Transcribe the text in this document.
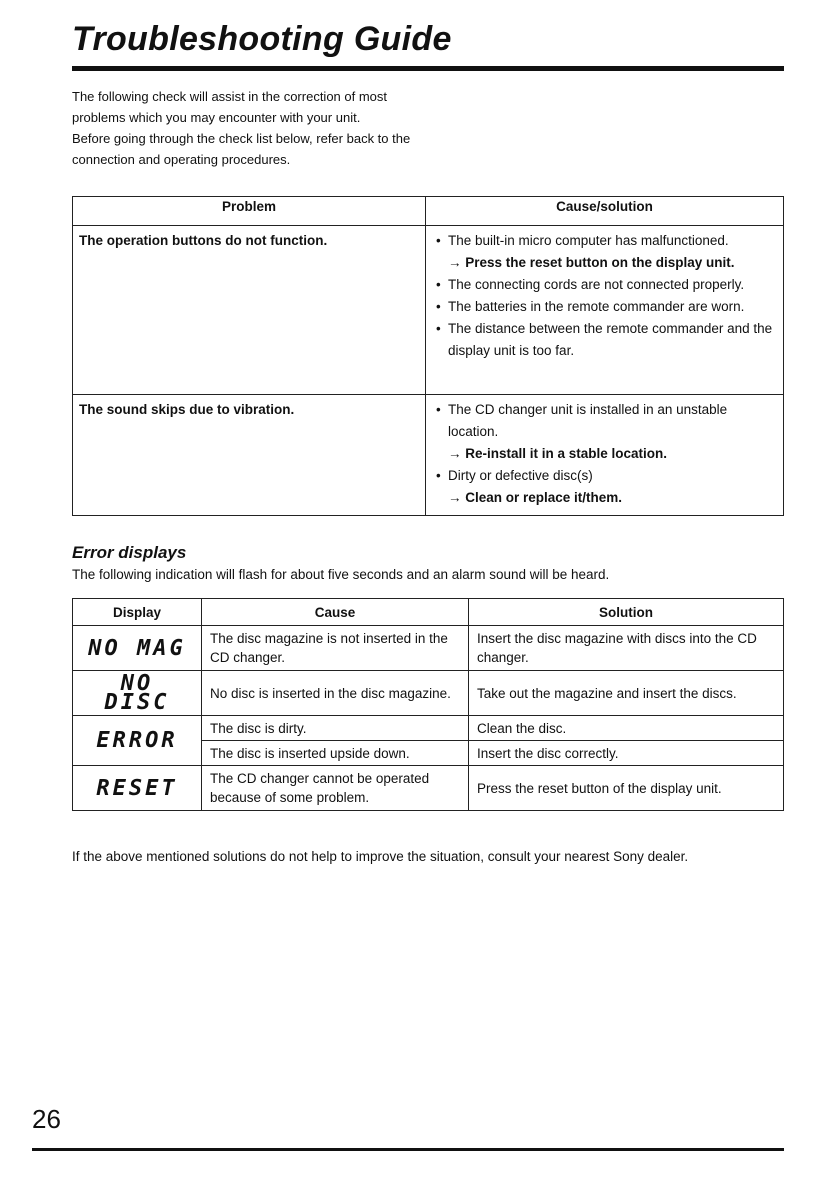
Troubleshooting Guide
The following check will assist in the correction of most
problems which you may encounter with your unit.
Before going through the check list below, refer back to the
connection and operating procedures.
Problem	Cause/solution
The operation buttons do not function.	• The built-in micro computer has malfunctioned.
→ Press the reset button on the display unit.
• The connecting cords are not connected properly.
• The batteries in the remote commander are worn.
• The distance between the remote commander and the display unit is too far.

The sound skips due to vibration.	• The CD changer unit is installed in an unstable location.
→ Re-install it in a stable location.
• Dirty or defective disc(s)
→ Clean or replace it/them.
Error displays

The following indication will flash for about five seconds and an alarm sound will be heard.

Display	Cause	Solution
NO MAG	The disc magazine is not inserted in the CD changer.	Insert the disc magazine with discs into the CD changer.
NO DISC	No disc is inserted in the disc magazine.	Take out the magazine and insert the discs.
ERROR	The disc is dirty.	Clean the disc.
	The disc is inserted upside down.	Insert the disc correctly.
RESET	The CD changer cannot be operated because of some problem.	Press the reset button of the display unit.

If the above mentioned solutions do not help to improve the situation, consult your nearest Sony dealer.

26
